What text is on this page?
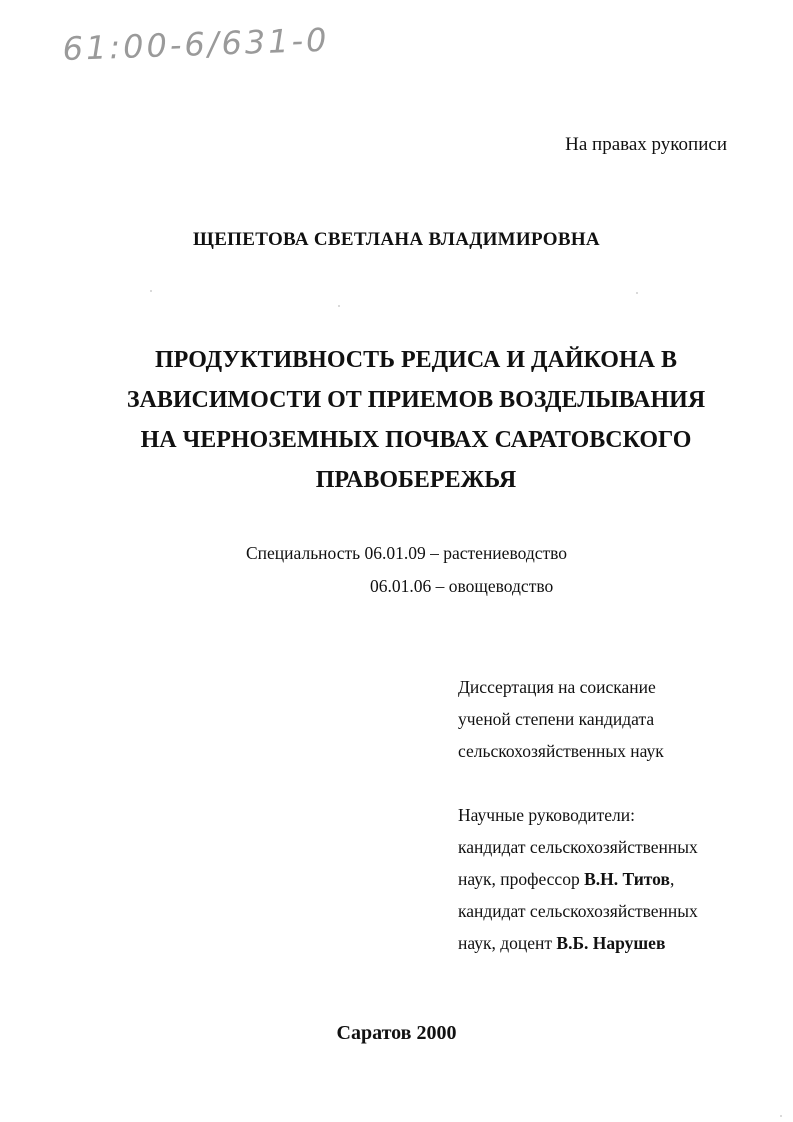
61:00-6/631-0
На правах рукописи
ЩЕПЕТОВА СВЕТЛАНА ВЛАДИМИРОВНА
ПРОДУКТИВНОСТЬ РЕДИСА И ДАЙКОНА В
ЗАВИСИМОСТИ ОТ ПРИЕМОВ ВОЗДЕЛЫВАНИЯ
НА ЧЕРНОЗЕМНЫХ ПОЧВАХ САРАТОВСКОГО
ПРАВОБЕРЕЖЬЯ
Специальность 06.01.09 – растениеводство
06.01.06 – овощеводство
Диссертация на соискание
ученой степени кандидата
сельскохозяйственных наук
Научные руководители:
кандидат сельскохозяйственных
наук, профессор В.Н. Титов,
кандидат сельскохозяйственных
наук, доцент В.Б. Нарушев
Саратов 2000
